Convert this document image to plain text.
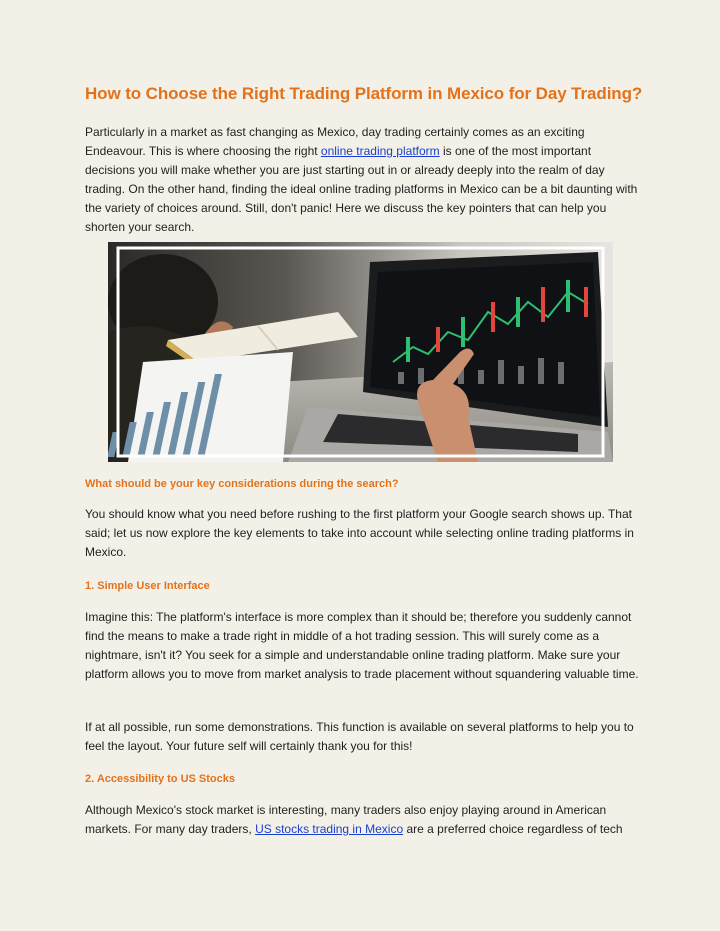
How to Choose the Right Trading Platform in Mexico for Day Trading?

Particularly in a market as fast changing as Mexico, day trading certainly comes as an exciting Endeavour. This is where choosing the right online trading platform is one of the most important decisions you will make whether you are just starting out in or already deeply into the realm of day trading. On the other hand, finding the ideal online trading platforms in Mexico can be a bit daunting with the variety of choices around. Still, don't panic! Here we discuss the key pointers that can help you shorten your search.

What should be your key considerations during the search?

You should know what you need before rushing to the first platform your Google search shows up. That said; let us now explore the key elements to take into account while selecting online trading platforms in Mexico.

1. Simple User Interface

Imagine this: The platform's interface is more complex than it should be; therefore you suddenly cannot find the means to make a trade right in middle of a hot trading session. This will surely come as a nightmare, isn't it? You seek for a simple and understandable online trading platform. Make sure your platform allows you to move from market analysis to trade placement without squandering valuable time.

If at all possible, run some demonstrations. This function is available on several platforms to help you to feel the layout. Your future self will certainly thank you for this!

2. Accessibility to US Stocks

Although Mexico's stock market is interesting, many traders also enjoy playing around in American markets. For many day traders, US stocks trading in Mexico are a preferred choice regardless of tech
